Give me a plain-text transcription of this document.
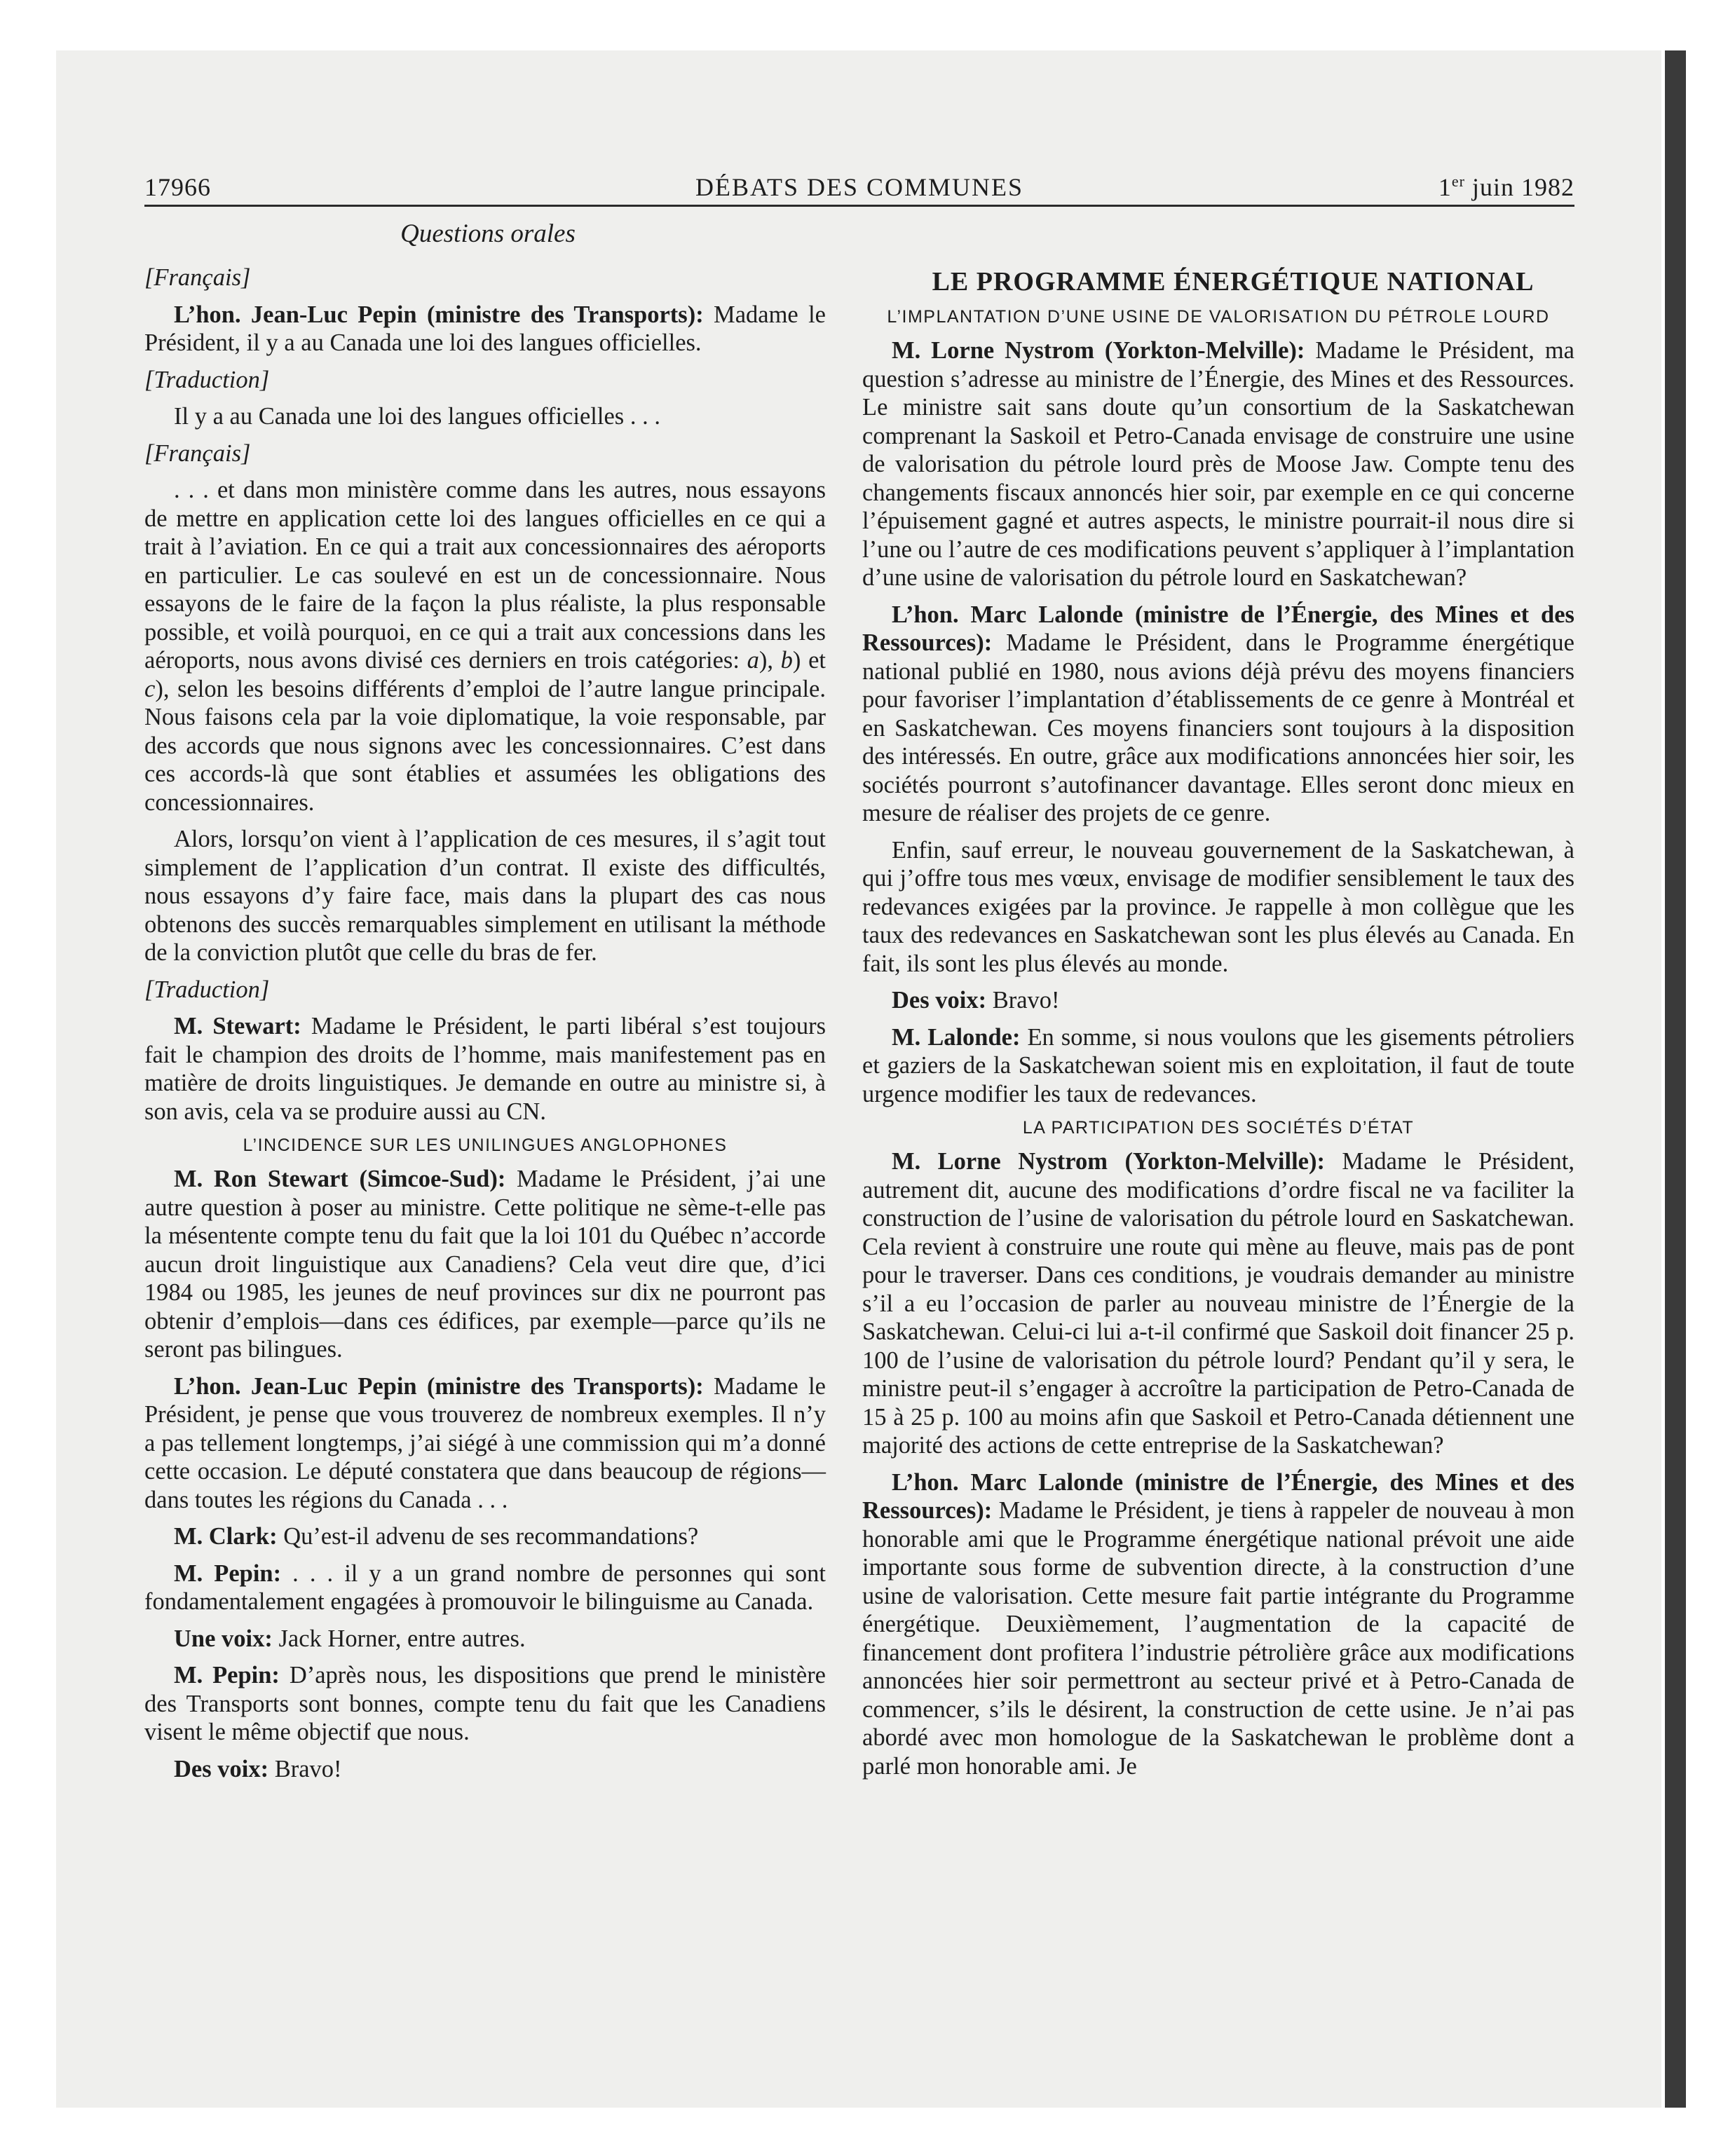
17966	DÉBATS DES COMMUNES	1er juin 1982
Questions orales

[Français]

L’hon. Jean-Luc Pepin (ministre des Transports): Madame le Président, il y a au Canada une loi des langues officielles.

[Traduction]

Il y a au Canada une loi des langues officielles . . .

[Français]

. . . et dans mon ministère comme dans les autres, nous essayons de mettre en application cette loi des langues officielles en ce qui a trait à l’aviation. En ce qui a trait aux concessionnaires des aéroports en particulier. Le cas soulevé en est un de concessionnaire. Nous essayons de le faire de la façon la plus réaliste, la plus responsable possible, et voilà pourquoi, en ce qui a trait aux concessions dans les aéroports, nous avons divisé ces derniers en trois catégories: a), b) et c), selon les besoins différents d’emploi de l’autre langue principale. Nous faisons cela par la voie diplomatique, la voie responsable, par des accords que nous signons avec les concessionnaires. C’est dans ces accords-là que sont établies et assumées les obligations des concessionnaires.

Alors, lorsqu’on vient à l’application de ces mesures, il s’agit tout simplement de l’application d’un contrat. Il existe des difficultés, nous essayons d’y faire face, mais dans la plupart des cas nous obtenons des succès remarquables simplement en utilisant la méthode de la conviction plutôt que celle du bras de fer.

[Traduction]

M. Stewart: Madame le Président, le parti libéral s’est toujours fait le champion des droits de l’homme, mais manifestement pas en matière de droits linguistiques. Je demande en outre au ministre si, à son avis, cela va se produire aussi au CN.

L’INCIDENCE SUR LES UNILINGUES ANGLOPHONES

M. Ron Stewart (Simcoe-Sud): Madame le Président, j’ai une autre question à poser au ministre. Cette politique ne sème-t-elle pas la mésentente compte tenu du fait que la loi 101 du Québec n’accorde aucun droit linguistique aux Canadiens? Cela veut dire que, d’ici 1984 ou 1985, les jeunes de neuf provinces sur dix ne pourront pas obtenir d’emplois—dans ces édifices, par exemple—parce qu’ils ne seront pas bilingues.

L’hon. Jean-Luc Pepin (ministre des Transports): Madame le Président, je pense que vous trouverez de nombreux exemples. Il n’y a pas tellement longtemps, j’ai siégé à une commission qui m’a donné cette occasion. Le député constatera que dans beaucoup de régions—dans toutes les régions du Canada . . .

M. Clark: Qu’est-il advenu de ses recommandations?

M. Pepin: . . . il y a un grand nombre de personnes qui sont fondamentalement engagées à promouvoir le bilinguisme au Canada.

Une voix: Jack Horner, entre autres.

M. Pepin: D’après nous, les dispositions que prend le ministère des Transports sont bonnes, compte tenu du fait que les Canadiens visent le même objectif que nous.

Des voix: Bravo!

LE PROGRAMME ÉNERGÉTIQUE NATIONAL

L’IMPLANTATION D’UNE USINE DE VALORISATION DU PÉTROLE LOURD

M. Lorne Nystrom (Yorkton-Melville): Madame le Président, ma question s’adresse au ministre de l’Énergie, des Mines et des Ressources. Le ministre sait sans doute qu’un consortium de la Saskatchewan comprenant la Saskoil et Petro-Canada envisage de construire une usine de valorisation du pétrole lourd près de Moose Jaw. Compte tenu des changements fiscaux annoncés hier soir, par exemple en ce qui concerne l’épuisement gagné et autres aspects, le ministre pourrait-il nous dire si l’une ou l’autre de ces modifications peuvent s’appliquer à l’implantation d’une usine de valorisation du pétrole lourd en Saskatchewan?

L’hon. Marc Lalonde (ministre de l’Énergie, des Mines et des Ressources): Madame le Président, dans le Programme énergétique national publié en 1980, nous avions déjà prévu des moyens financiers pour favoriser l’implantation d’établissements de ce genre à Montréal et en Saskatchewan. Ces moyens financiers sont toujours à la disposition des intéressés. En outre, grâce aux modifications annoncées hier soir, les sociétés pourront s’autofinancer davantage. Elles seront donc mieux en mesure de réaliser des projets de ce genre.

Enfin, sauf erreur, le nouveau gouvernement de la Saskatchewan, à qui j’offre tous mes vœux, envisage de modifier sensiblement le taux des redevances exigées par la province. Je rappelle à mon collègue que les taux des redevances en Saskatchewan sont les plus élevés au Canada. En fait, ils sont les plus élevés au monde.

Des voix: Bravo!

M. Lalonde: En somme, si nous voulons que les gisements pétroliers et gaziers de la Saskatchewan soient mis en exploitation, il faut de toute urgence modifier les taux de redevances.

LA PARTICIPATION DES SOCIÉTÉS D’ÉTAT

M. Lorne Nystrom (Yorkton-Melville): Madame le Président, autrement dit, aucune des modifications d’ordre fiscal ne va faciliter la construction de l’usine de valorisation du pétrole lourd en Saskatchewan. Cela revient à construire une route qui mène au fleuve, mais pas de pont pour le traverser. Dans ces conditions, je voudrais demander au ministre s’il a eu l’occasion de parler au nouveau ministre de l’Énergie de la Saskatchewan. Celui-ci lui a-t-il confirmé que Saskoil doit financer 25 p. 100 de l’usine de valorisation du pétrole lourd? Pendant qu’il y sera, le ministre peut-il s’engager à accroître la participation de Petro-Canada de 15 à 25 p. 100 au moins afin que Saskoil et Petro-Canada détiennent une majorité des actions de cette entreprise de la Saskatchewan?

L’hon. Marc Lalonde (ministre de l’Énergie, des Mines et des Ressources): Madame le Président, je tiens à rappeler de nouveau à mon honorable ami que le Programme énergétique national prévoit une aide importante sous forme de subvention directe, à la construction d’une usine de valorisation. Cette mesure fait partie intégrante du Programme énergétique. Deuxièmement, l’augmentation de la capacité de financement dont profitera l’industrie pétrolière grâce aux modifications annoncées hier soir permettront au secteur privé et à Petro-Canada de commencer, s’ils le désirent, la construction de cette usine. Je n’ai pas abordé avec mon homologue de la Saskatchewan le problème dont a parlé mon honorable ami. Je
